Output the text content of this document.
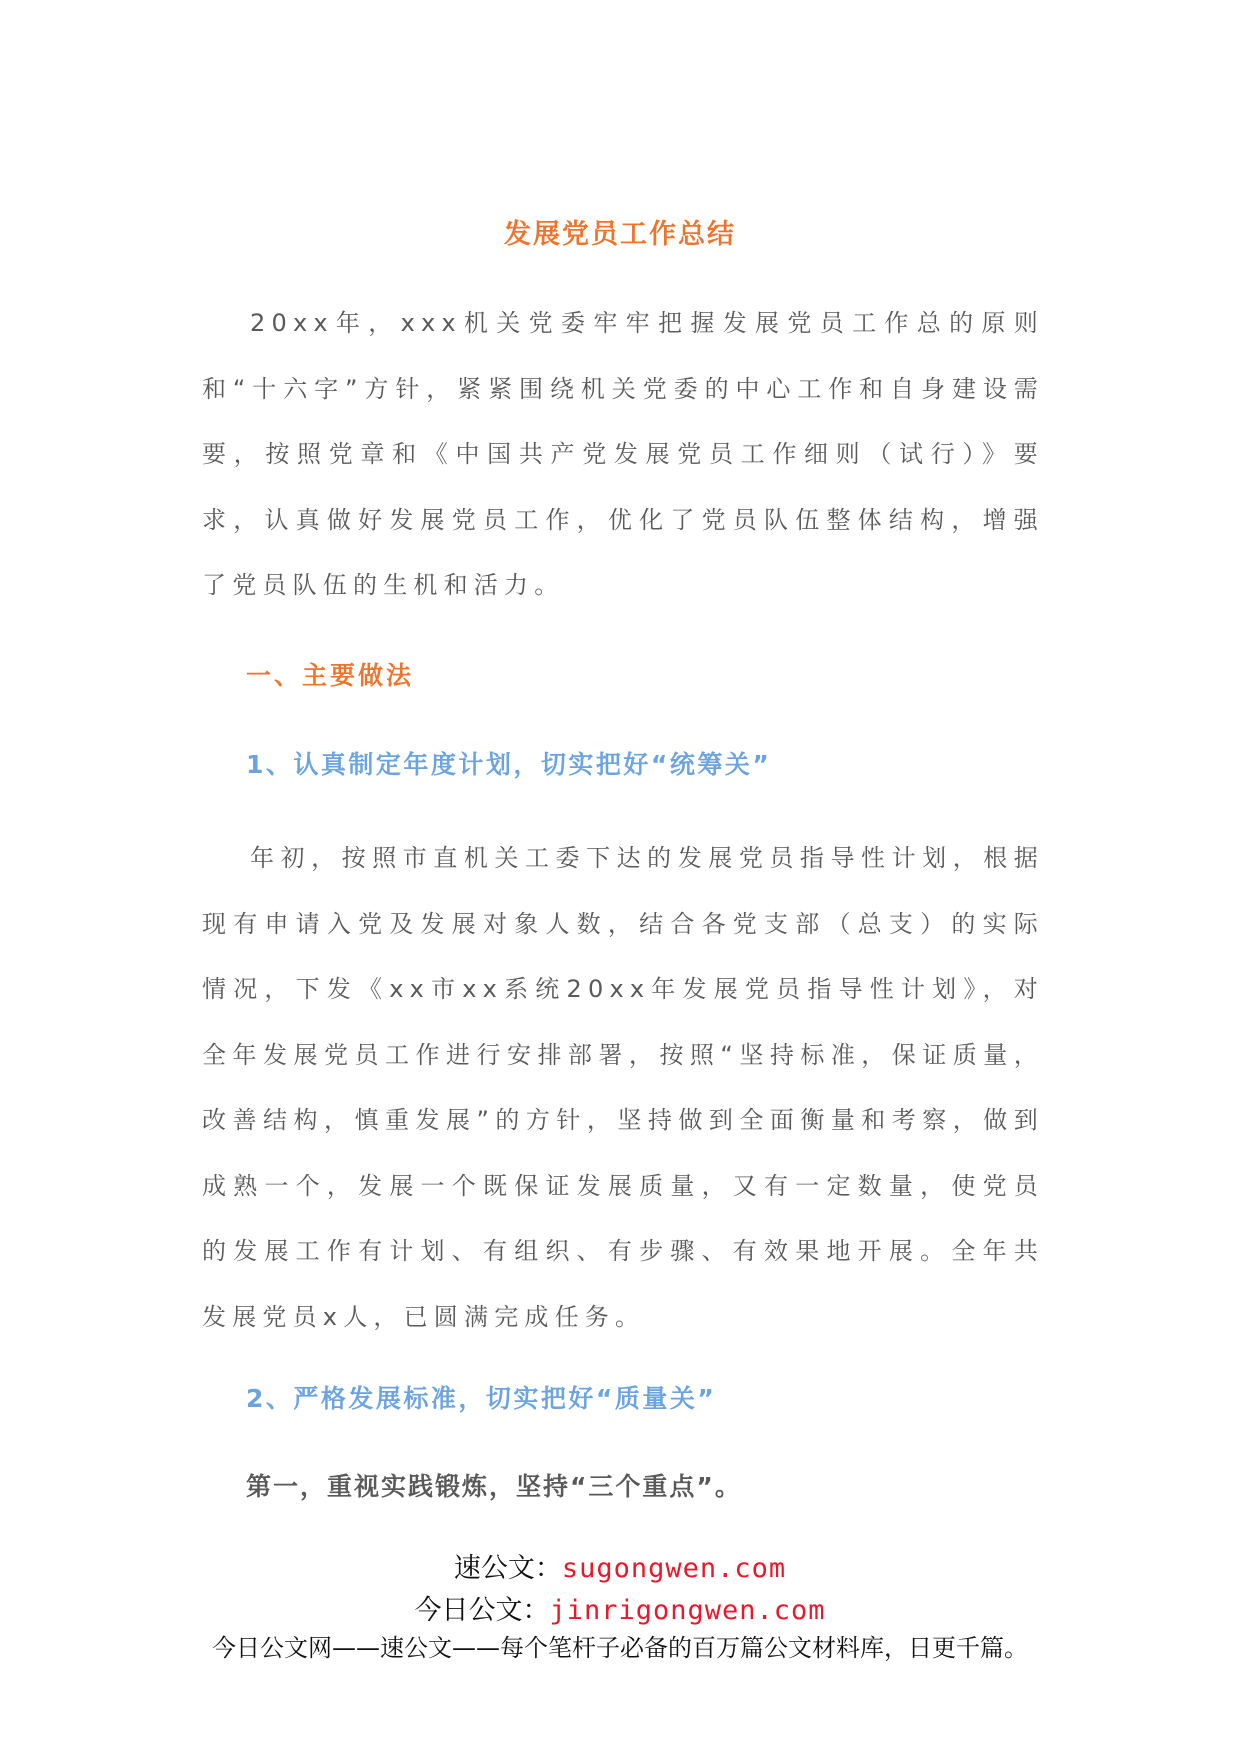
发展党员工作总结

20xx年，xxx机关党委牢牢把握发展党员工作总的原则和“十六字”方针，紧紧围绕机关党委的中心工作和自身建设需要，按照党章和《中国共产党发展党员工作细则（试行）》要求，认真做好发展党员工作，优化了党员队伍整体结构，增强了党员队伍的生机和活力。

一、主要做法
1、认真制定年度计划，切实把好“统筹关”

年初，按照市直机关工委下达的发展党员指导性计划，根据现有申请入党及发展对象人数，结合各党支部（总支）的实际情况，下发《xx市xx系统20xx年发展党员指导性计划》，对全年发展党员工作进行安排部署，按照“坚持标准，保证质量，改善结构，慎重发展”的方针，坚持做到全面衡量和考察，做到成熟一个，发展一个既保证发展质量，又有一定数量，使党员的发展工作有计划、有组织、有步骤、有效果地开展。全年共发展党员x人，已圆满完成任务。

2、严格发展标准，切实把好“质量关”
第一，重视实践锻炼，坚持“三个重点”。
速公文：sugongwen.com
今日公文：jinrigongwen.com
今日公文网——速公文——每个笔杆子必备的百万篇公文材料库，日更千篇。
